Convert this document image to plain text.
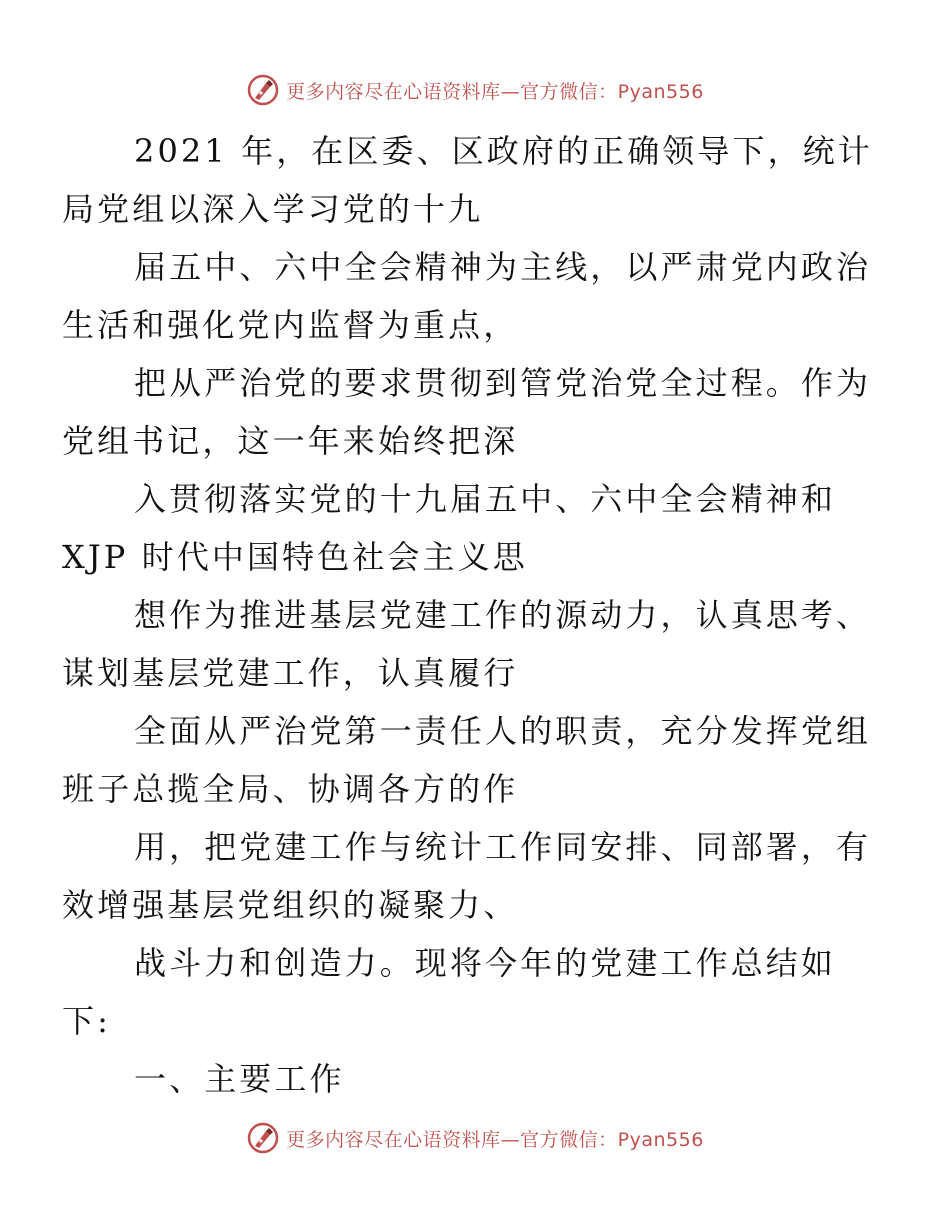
更多内容尽在心语资料库—官方微信：Pyan556

2021 年，在区委、区政府的正确领导下，统计
局党组以深入学习党的十九

届五中、六中全会精神为主线，以严肃党内政治
生活和强化党内监督为重点，

把从严治党的要求贯彻到管党治党全过程。作为
党组书记，这一年来始终把深

入贯彻落实党的十九届五中、六中全会精神和
XJP 时代中国特色社会主义思

想作为推进基层党建工作的源动力，认真思考、
谋划基层党建工作，认真履行

全面从严治党第一责任人的职责，充分发挥党组
班子总揽全局、协调各方的作

用，把党建工作与统计工作同安排、同部署，有
效增强基层党组织的凝聚力、

战斗力和创造力。现将今年的党建工作总结如
下:

一、主要工作

更多内容尽在心语资料库—官方微信：Pyan556
